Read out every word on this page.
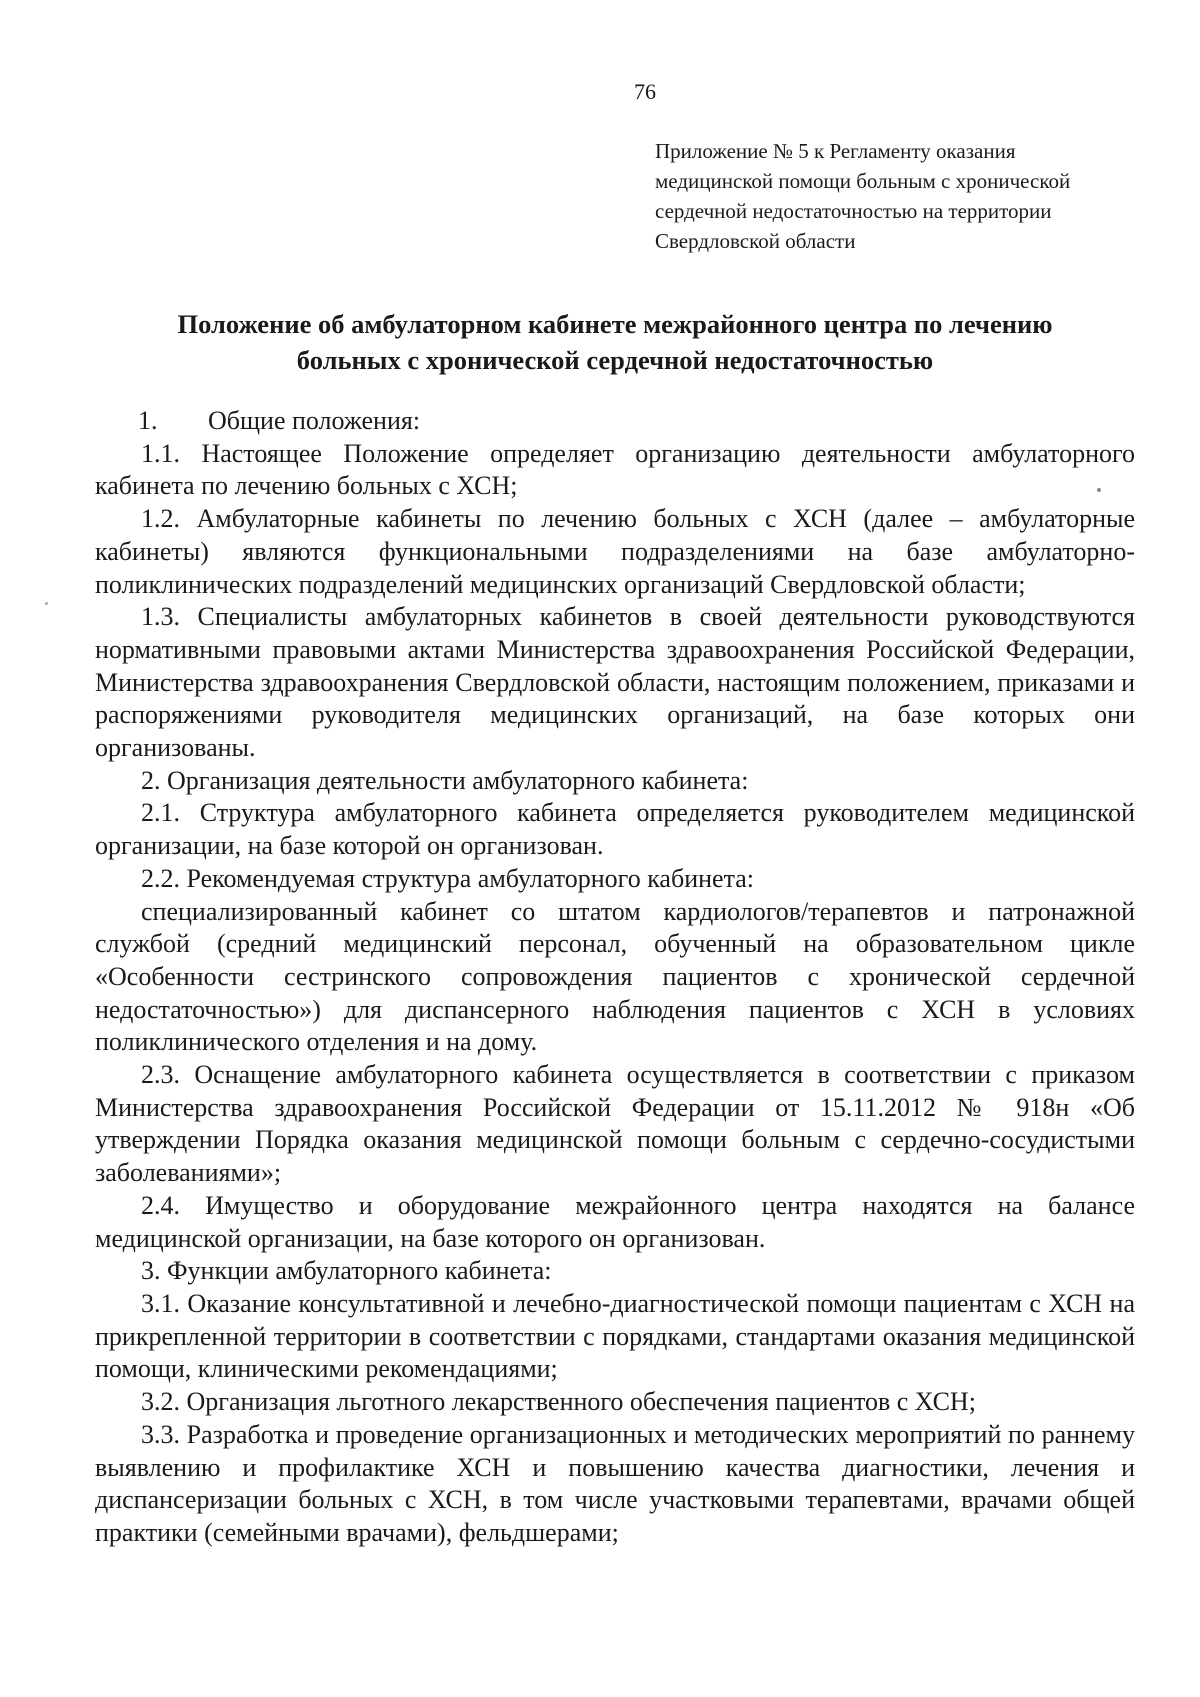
76
Приложение № 5 к Регламенту оказания
медицинской помощи больным с хронической
сердечной недостаточностью на территории
Свердловской области
Положение об амбулаторном кабинете межрайонного центра по лечению
больных с хронической сердечной недостаточностью

1. Общие положения:

1.1. Настоящее Положение определяет организацию деятельности амбулаторного кабинета по лечению больных с ХСН;

1.2. Амбулаторные кабинеты по лечению больных с ХСН (далее – амбулаторные кабинеты) являются функциональными подразделениями на базе амбулаторно-поликлинических подразделений медицинских организаций Свердловской области;

1.3. Специалисты амбулаторных кабинетов в своей деятельности руководствуются нормативными правовыми актами Министерства здравоохранения Российской Федерации, Министерства здравоохранения Свердловской области, настоящим положением, приказами и распоряжениями руководителя медицинских организаций, на базе которых они организованы.

2. Организация деятельности амбулаторного кабинета:

2.1. Структура амбулаторного кабинета определяется руководителем медицинской организации, на базе которой он организован.

2.2. Рекомендуемая структура амбулаторного кабинета:

специализированный кабинет со штатом кардиологов/терапевтов и патронажной службой (средний медицинский персонал, обученный на образовательном цикле «Особенности сестринского сопровождения пациентов с хронической сердечной недостаточностью») для диспансерного наблюдения пациентов с ХСН в условиях поликлинического отделения и на дому.

2.3. Оснащение амбулаторного кабинета осуществляется в соответствии с приказом Министерства здравоохранения Российской Федерации от 15.11.2012 № 918н «Об утверждении Порядка оказания медицинской помощи больным с сердечно-сосудистыми заболеваниями»;

2.4. Имущество и оборудование межрайонного центра находятся на балансе медицинской организации, на базе которого он организован.

3. Функции амбулаторного кабинета:

3.1. Оказание консультативной и лечебно-диагностической помощи пациентам с ХСН на прикрепленной территории в соответствии с порядками, стандартами оказания медицинской помощи, клиническими рекомендациями;

3.2. Организация льготного лекарственного обеспечения пациентов с ХСН;

3.3. Разработка и проведение организационных и методических мероприятий по раннему выявлению и профилактике ХСН и повышению качества диагностики, лечения и диспансеризации больных с ХСН, в том числе участковыми терапевтами, врачами общей практики (семейными врачами), фельдшерами;
